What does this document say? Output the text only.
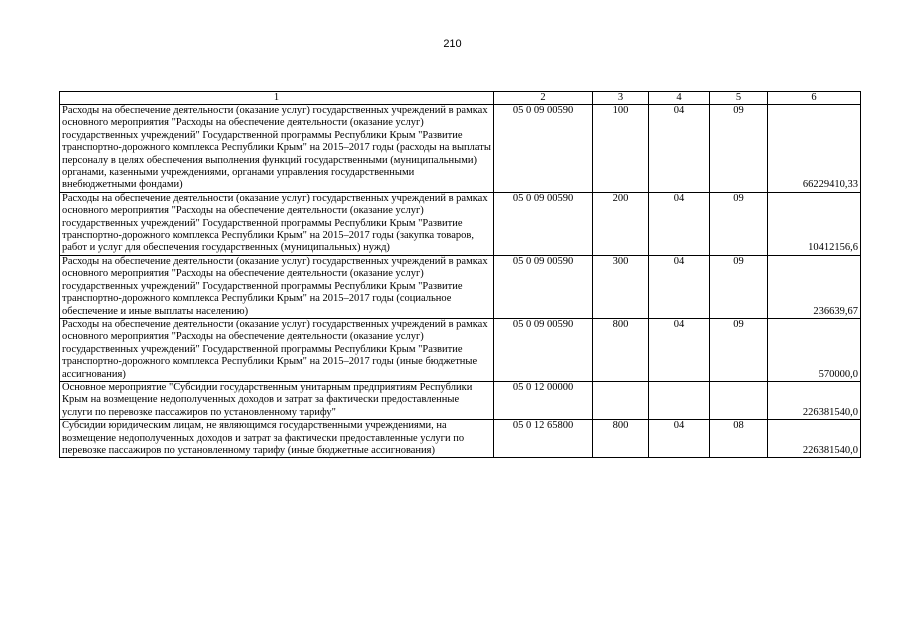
210
1	2	3	4	5	6
Расходы на обеспечение деятельности (оказание услуг) государственных учреждений в рамках основного мероприятия "Расходы на обеспечение деятельности (оказание услуг) государственных учреждений" Государственной программы Республики Крым "Развитие транспортно-дорожного комплекса Республики Крым" на 2015–2017 годы (расходы на выплаты персоналу в целях обеспечения выполнения функций государственными (муниципальными) органами, казенными учреждениями, органами управления государственными внебюджетными фондами)	05 0 09 00590	100	04	09	66229410,33
Расходы на обеспечение деятельности (оказание услуг) государственных учреждений в рамках основного мероприятия "Расходы на обеспечение деятельности (оказание услуг) государственных учреждений" Государственной программы Республики Крым "Развитие транспортно-дорожного комплекса Республики Крым" на 2015–2017 годы (закупка товаров, работ и услуг для обеспечения государственных (муниципальных) нужд)	05 0 09 00590	200	04	09	10412156,6
Расходы на обеспечение деятельности (оказание услуг) государственных учреждений в рамках основного мероприятия "Расходы на обеспечение деятельности (оказание услуг) государственных учреждений" Государственной программы Республики Крым "Развитие транспортно-дорожного комплекса Республики Крым" на 2015–2017 годы (социальное обеспечение и иные выплаты населению)	05 0 09 00590	300	04	09	236639,67
Расходы на обеспечение деятельности (оказание услуг) государственных учреждений в рамках основного мероприятия "Расходы на обеспечение деятельности (оказание услуг) государственных учреждений" Государственной программы Республики Крым "Развитие транспортно-дорожного комплекса Республики Крым" на 2015–2017 годы (иные бюджетные ассигнования)	05 0 09 00590	800	04	09	570000,0
Основное мероприятие "Субсидии государственным унитарным предприятиям Республики Крым на возмещение недополученных доходов и затрат за фактически предоставленные услуги по перевозке пассажиров по установленному тарифу"	05 0 12 00000				226381540,0
Субсидии юридическим лицам, не являющимся государственными учреждениями, на возмещение недополученных доходов и затрат за фактически предоставленные услуги по перевозке пассажиров по установленному тарифу (иные бюджетные ассигнования)	05 0 12 65800	800	04	08	226381540,0
